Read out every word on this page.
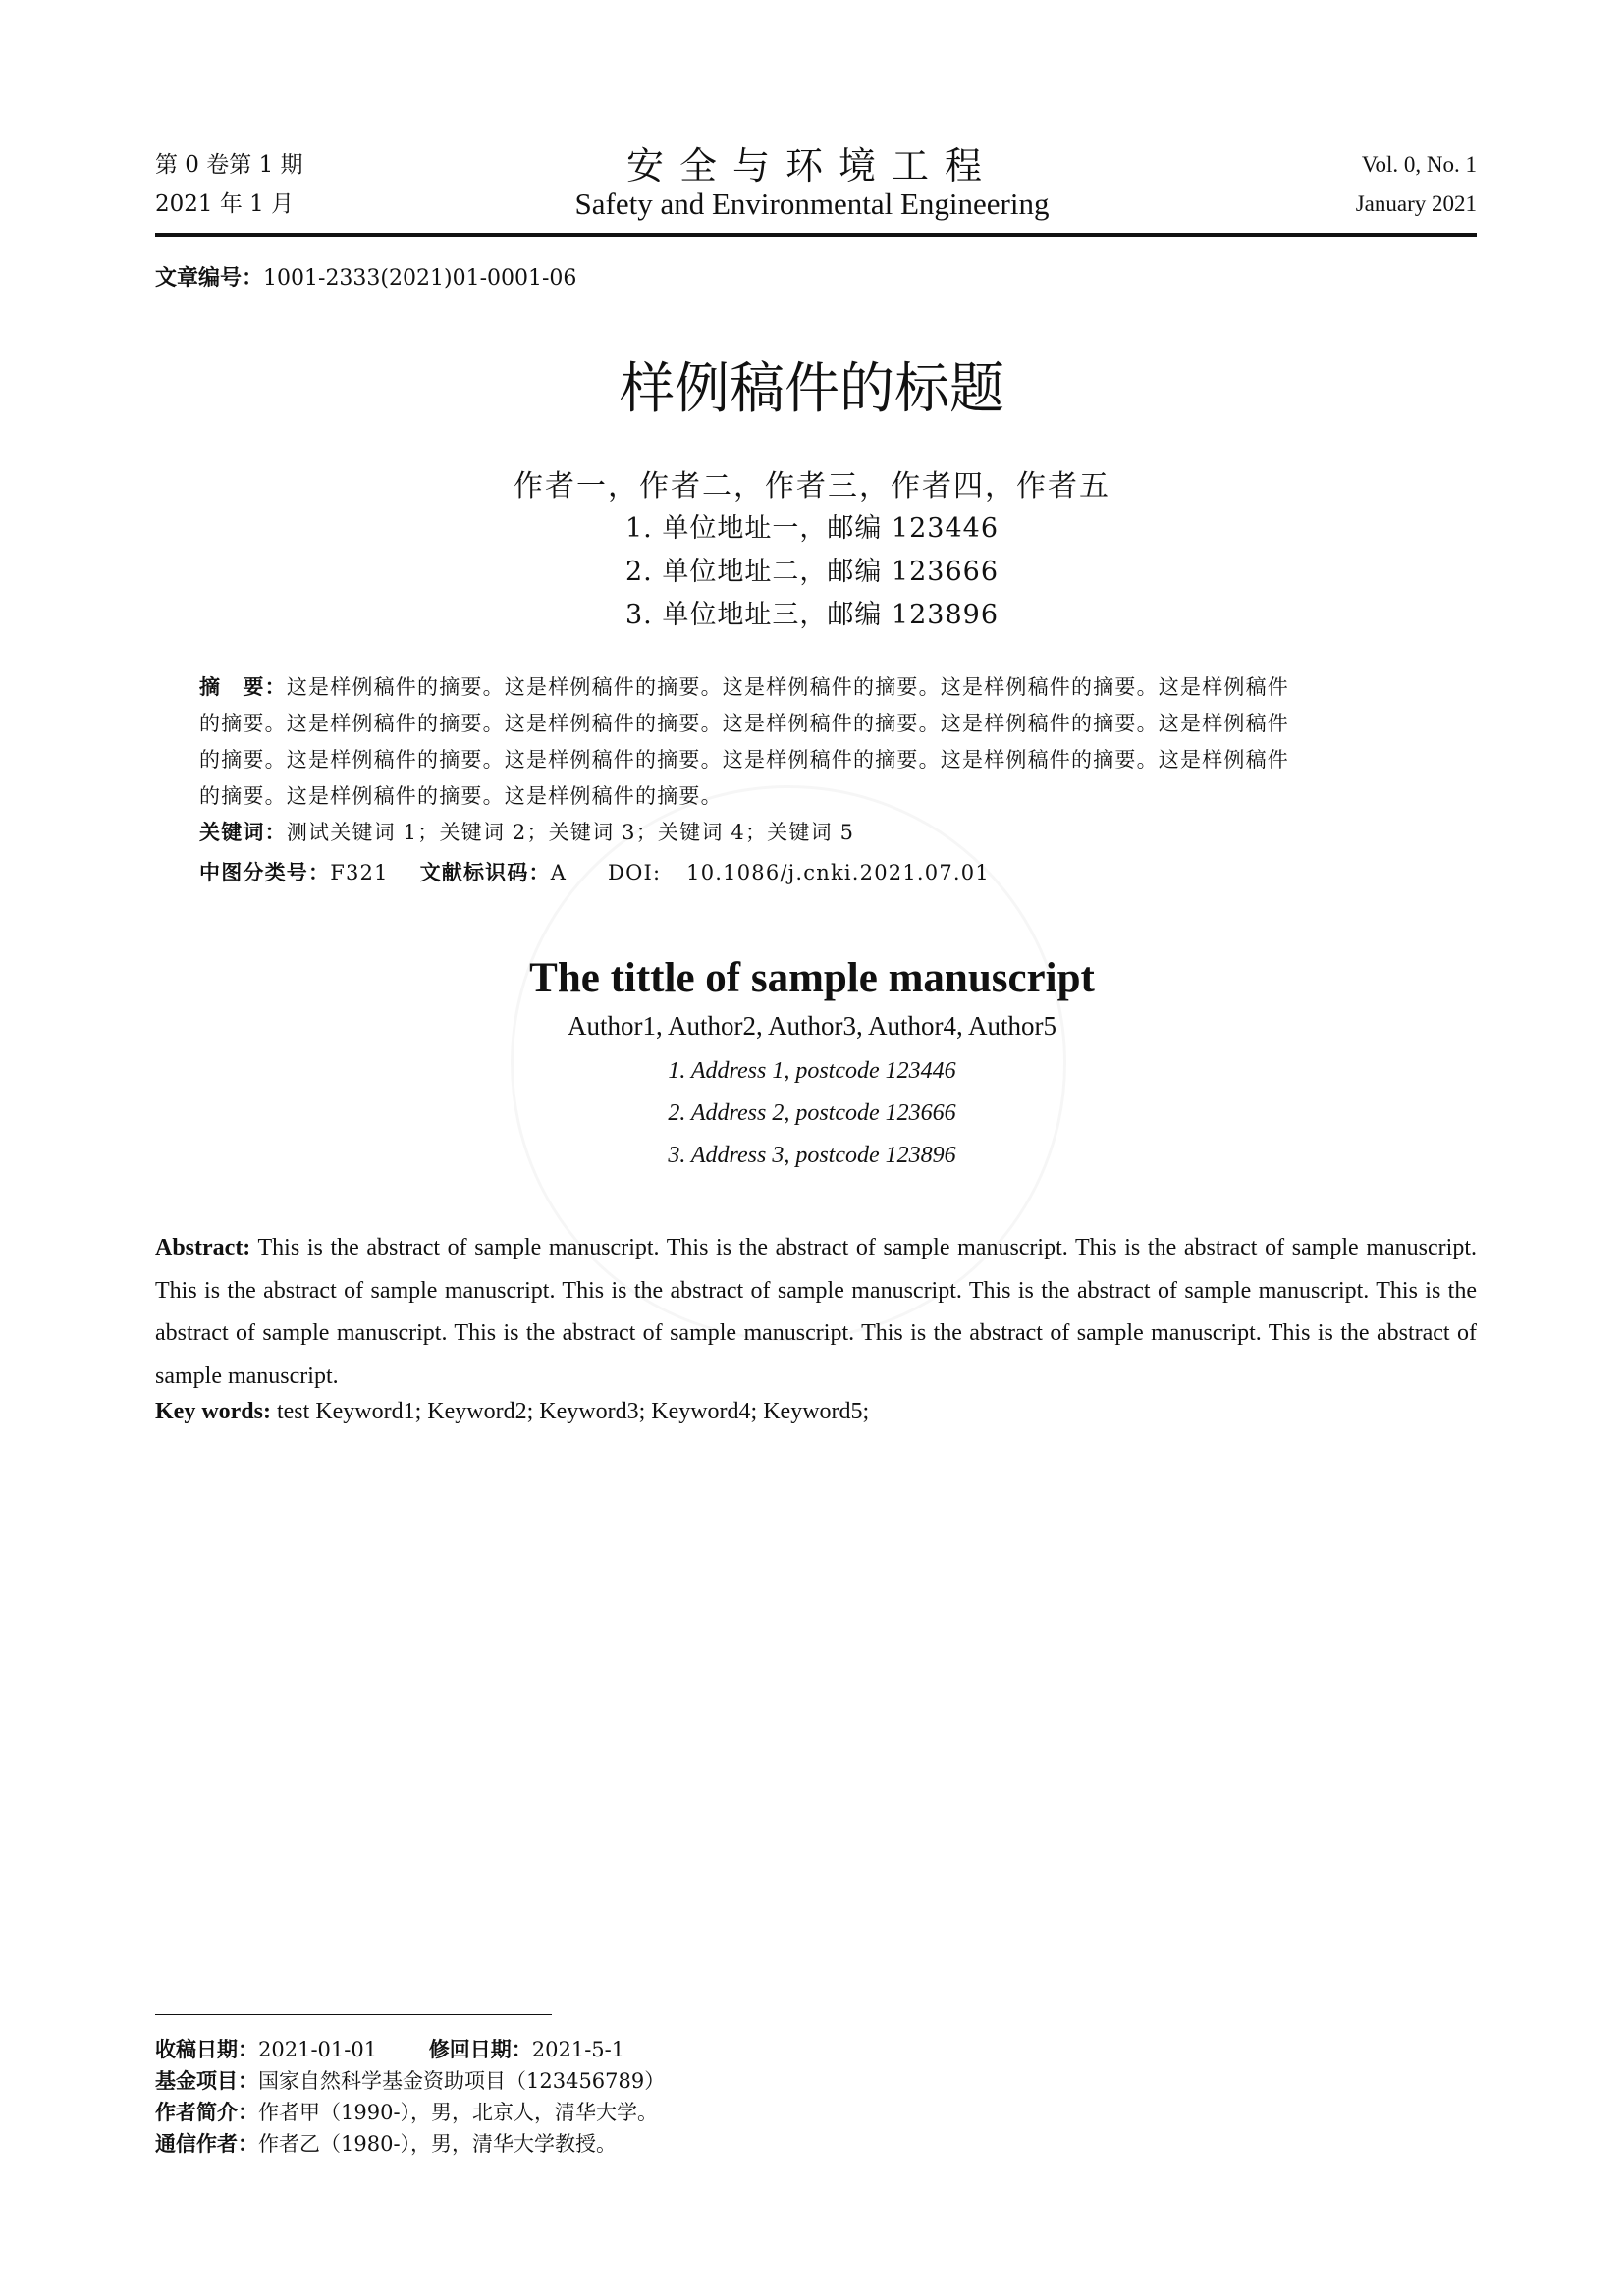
第 0 卷第 1 期
2021 年 1 月
安全与环境工程
Safety and Environmental Engineering
Vol. 0, No. 1
January 2021
文章编号：1001-2333(2021)01-0001-06
样例稿件的标题
作者一，作者二，作者三，作者四，作者五
1. 单位地址一，邮编 123446
2. 单位地址二，邮编 123666
3. 单位地址三，邮编 123896
摘　要：这是样例稿件的摘要。这是样例稿件的摘要。这是样例稿件的摘要。这是样例稿件的摘要。这是样例稿件
的摘要。这是样例稿件的摘要。这是样例稿件的摘要。这是样例稿件的摘要。这是样例稿件的摘要。这是样例稿件
的摘要。这是样例稿件的摘要。这是样例稿件的摘要。这是样例稿件的摘要。这是样例稿件的摘要。这是样例稿件
的摘要。这是样例稿件的摘要。这是样例稿件的摘要。
关键词：测试关键词 1；关键词 2；关键词 3；关键词 4；关键词 5
中图分类号：F321 文献标识码：A DOI: 10.1086/j.cnki.2021.07.01
The tittle of sample manuscript
Author1, Author2, Author3, Author4, Author5
1. Address 1, postcode 123446
2. Address 2, postcode 123666
3. Address 3, postcode 123896
Abstract: This is the abstract of sample manuscript. This is the abstract of sample manuscript. This is the abstract of sample manuscript. This is the abstract of sample manuscript. This is the abstract of sample manuscript. This is the abstract of sample manuscript. This is the abstract of sample manuscript. This is the abstract of sample manuscript. This is the abstract of sample manuscript. This is the abstract of sample manuscript.
Key words: test Keyword1; Keyword2; Keyword3; Keyword4; Keyword5;
收稿日期：2021-01-01	修回日期：2021-5-1
基金项目：国家自然科学基金资助项目（123456789）
作者简介：作者甲（1990-），男，北京人，清华大学。
通信作者：作者乙（1980-），男，清华大学教授。
